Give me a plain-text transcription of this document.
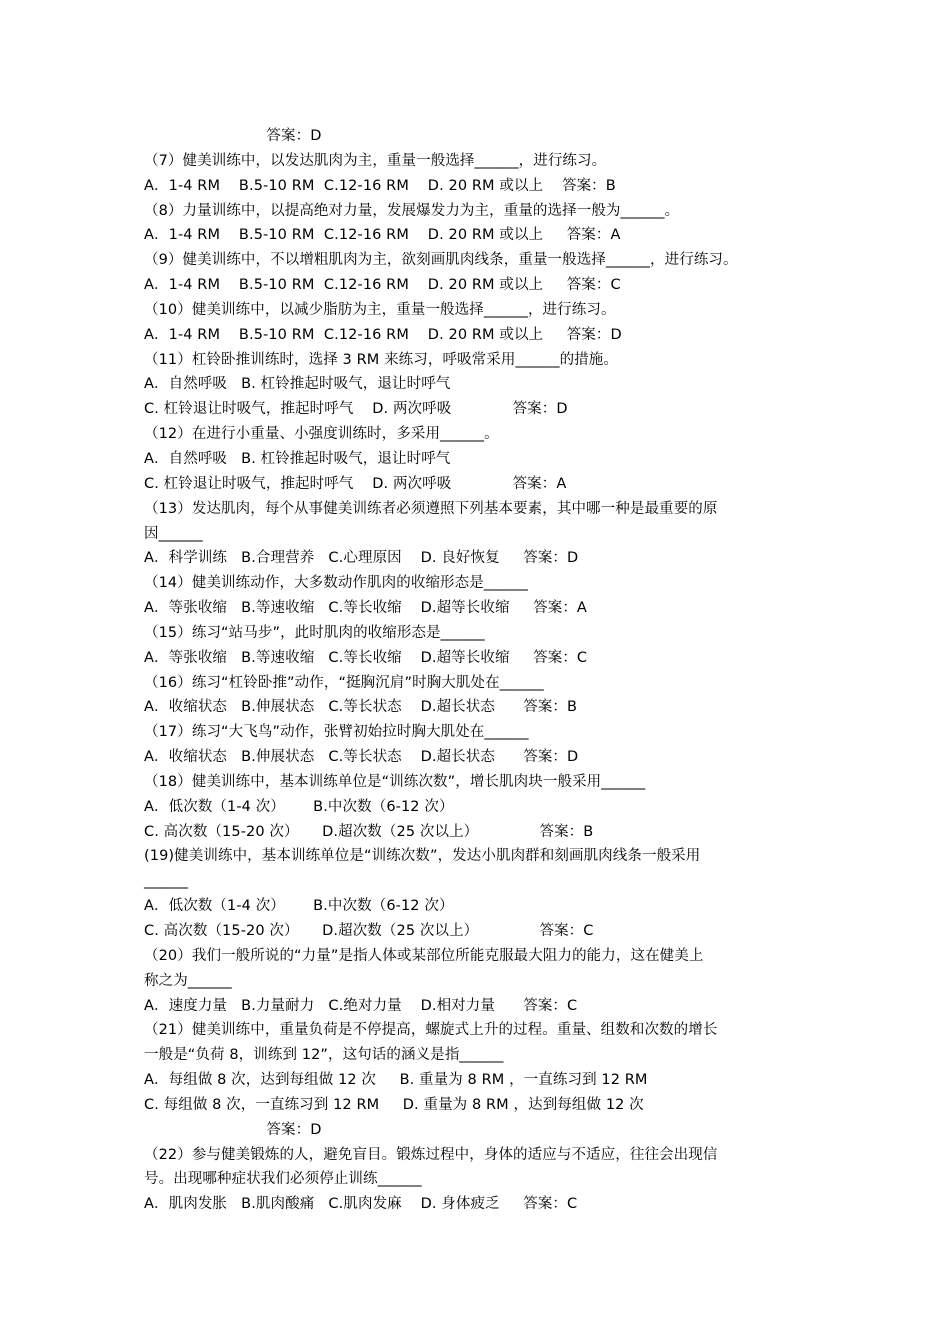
答案：D
（7）健美训练中，以发达肌肉为主，重量一般选择______，进行练习。
A．1-4 RM    B.5-10 RM  C.12-16 RM    D. 20 RM 或以上    答案：B
（8）力量训练中，以提高绝对力量，发展爆发力为主，重量的选择一般为______。
A．1-4 RM    B.5-10 RM  C.12-16 RM    D. 20 RM 或以上     答案：A
（9）健美训练中，不以增粗肌肉为主，欲刻画肌肉线条，重量一般选择______，进行练习。
A．1-4 RM    B.5-10 RM  C.12-16 RM    D. 20 RM 或以上     答案：C
（10）健美训练中，以减少脂肪为主，重量一般选择______，进行练习。
A．1-4 RM    B.5-10 RM  C.12-16 RM    D. 20 RM 或以上     答案：D
（11）杠铃卧推训练时，选择 3 RM 来练习，呼吸常采用______的措施。
A．自然呼吸   B. 杠铃推起时吸气，退让时呼气
C. 杠铃退让时吸气，推起时呼气    D. 两次呼吸             答案：D
（12）在进行小重量、小强度训练时，多采用______。
A．自然呼吸   B. 杠铃推起时吸气，退让时呼气
C. 杠铃退让时吸气，推起时呼气    D. 两次呼吸             答案：A
（13）发达肌肉，每个从事健美训练者必须遵照下列基本要素，其中哪一种是最重要的原
因______
A．科学训练   B.合理营养   C.心理原因    D. 良好恢复     答案：D
（14）健美训练动作，大多数动作肌肉的收缩形态是______
A．等张收缩   B.等速收缩   C.等长收缩    D.超等长收缩     答案：A
（15）练习“站马步”，此时肌肉的收缩形态是______
A．等张收缩   B.等速收缩   C.等长收缩    D.超等长收缩     答案：C
（16）练习“杠铃卧推”动作，“挺胸沉肩”时胸大肌处在______
A．收缩状态   B.伸展状态   C.等长状态    D.超长状态      答案：B
（17）练习“大飞鸟”动作，张臂初始拉时胸大肌处在______
A．收缩状态   B.伸展状态   C.等长状态    D.超长状态      答案：D
（18）健美训练中，基本训练单位是“训练次数”，增长肌肉块一般采用______
A．低次数（1-4 次）      B.中次数（6-12 次）
C. 高次数（15-20 次）     D.超次数（25 次以上）             答案：B
(19)健美训练中，基本训练单位是“训练次数”，发达小肌肉群和刻画肌肉线条一般采用
______
A．低次数（1-4 次）      B.中次数（6-12 次）
C. 高次数（15-20 次）     D.超次数（25 次以上）             答案：C
（20）我们一般所说的“力量”是指人体或某部位所能克服最大阻力的能力，这在健美上
称之为______
A．速度力量   B.力量耐力   C.绝对力量    D.相对力量      答案：C
（21）健美训练中，重量负荷是不停提高，螺旋式上升的过程。重量、组数和次数的增长
一般是“负荷 8，训练到 12”，这句话的涵义是指______
A．每组做 8 次，达到每组做 12 次     B. 重量为 8 RM ，一直练习到 12 RM
C. 每组做 8 次，一直练习到 12 RM     D. 重量为 8 RM ，达到每组做 12 次
答案：D
（22）参与健美锻炼的人，避免盲目。锻炼过程中，身体的适应与不适应，往往会出现信
号。出现哪种症状我们必须停止训练______
A．肌肉发胀   B.肌肉酸痛   C.肌肉发麻    D. 身体疲乏     答案：C
